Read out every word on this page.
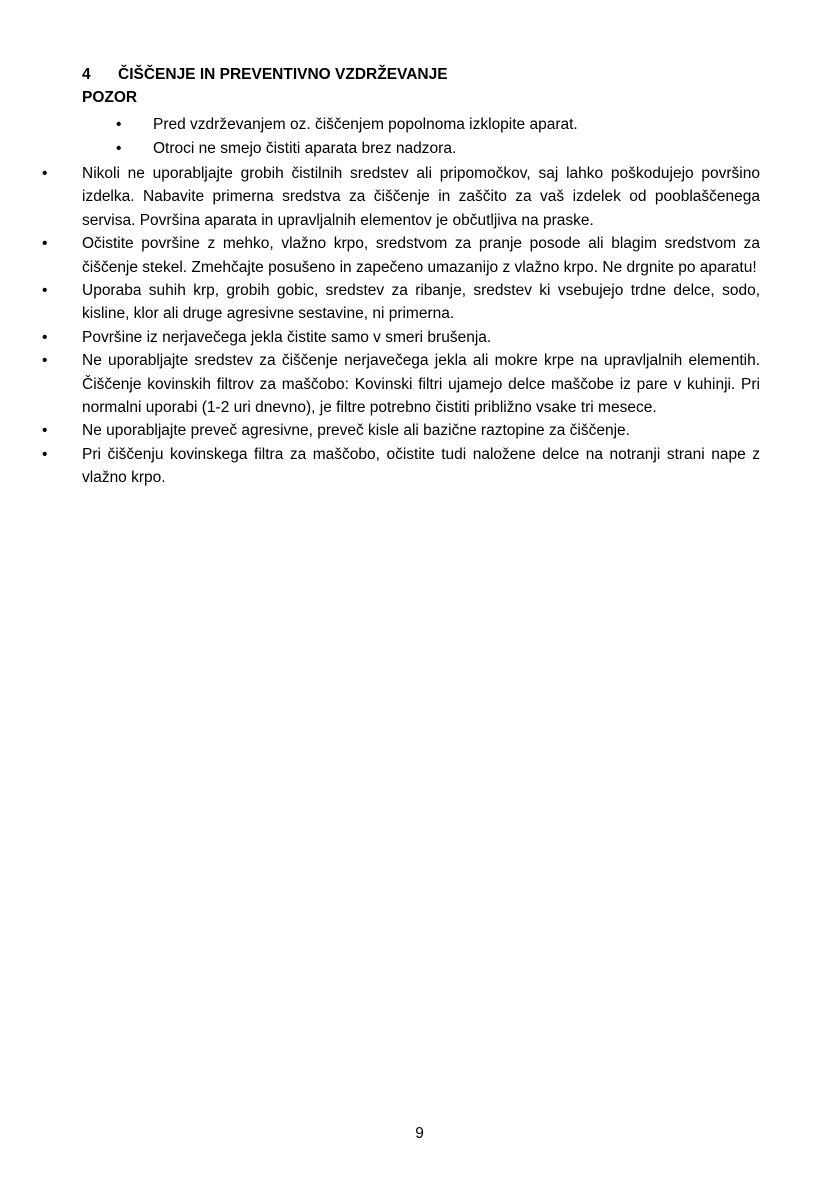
4 ČIŠČENJE IN PREVENTIVNO VZDRŽEVANJE
POZOR
• Pred vzdrževanjem oz. čiščenjem popolnoma izklopite aparat.
• Otroci ne smejo čistiti aparata brez nadzora.
• Nikoli ne uporabljajte grobih čistilnih sredstev ali pripomočkov, saj lahko poškodujejo površino izdelka. Nabavite primerna sredstva za čiščenje in zaščito za vaš izdelek od pooblaščenega servisa. Površina aparata in upravljalnih elementov je občutljiva na praske.
• Očistite površine z mehko, vlažno krpo, sredstvom za pranje posode ali blagim sredstvom za čiščenje stekel. Zmehčajte posušeno in zapečeno umazanijo z vlažno krpo. Ne drgnite po aparatu!
• Uporaba suhih krp, grobih gobic, sredstev za ribanje, sredstev ki vsebujejo trdne delce, sodo, kisline, klor ali druge agresivne sestavine, ni primerna.
• Površine iz nerjavečega jekla čistite samo v smeri brušenja.
• Ne uporabljajte sredstev za čiščenje nerjavečega jekla ali mokre krpe na upravljalnih elementih. Čiščenje kovinskih filtrov za maščobo: Kovinski filtri ujamejo delce maščobe iz pare v kuhinji. Pri normalni uporabi (1-2 uri dnevno), je filtre potrebno čistiti približno vsake tri mesece.
• Ne uporabljajte preveč agresivne, preveč kisle ali bazične raztopine za čiščenje.
• Pri čiščenju kovinskega filtra za maščobo, očistite tudi naložene delce na notranji strani nape z vlažno krpo.
9
